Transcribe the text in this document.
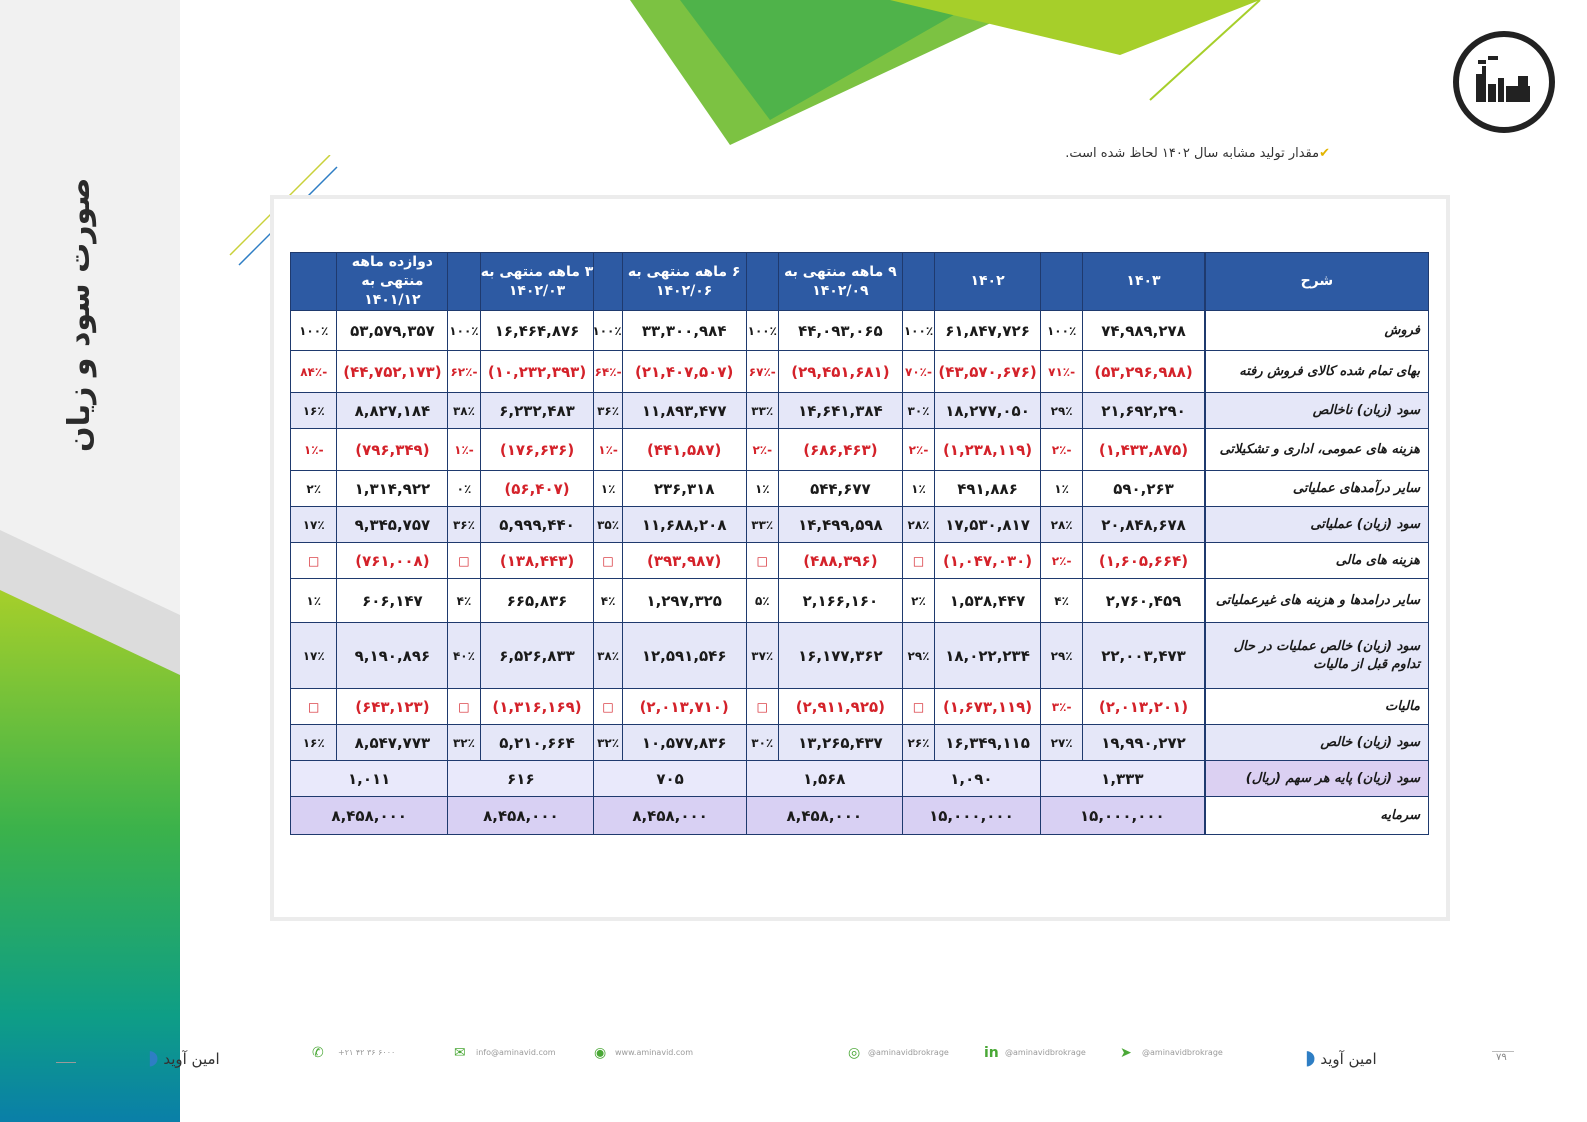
صورت سود و زیان
✔مقدار تولید مشابه سال ۱۴۰۲ لحاظ شده است.
شرح	۱۴۰۳		۱۴۰۲		۹ ماهه منتهی به ۱۴۰۲/۰۹		۶ ماهه منتهی به ۱۴۰۲/۰۶		۳ ماهه منتهی به ۱۴۰۲/۰۳		دوازده ماهه منتهی به ۱۴۰۱/۱۲	
فروش	۷۴,۹۸۹,۲۷۸	۱۰۰٪	۶۱,۸۴۷,۷۲۶	۱۰۰٪	۴۴,۰۹۳,۰۶۵	۱۰۰٪	۳۳,۳۰۰,۹۸۴	۱۰۰٪	۱۶,۴۶۴,۸۷۶	۱۰۰٪	۵۳,۵۷۹,۳۵۷	۱۰۰٪
بهای تمام شده کالای فروش رفته	(۵۳,۲۹۶,۹۸۸)	-۷۱٪	(۴۳,۵۷۰,۶۷۶)	-۷۰٪	(۲۹,۴۵۱,۶۸۱)	-۶۷٪	(۲۱,۴۰۷,۵۰۷)	-۶۴٪	(۱۰,۲۳۲,۳۹۳)	-۶۲٪	(۴۴,۷۵۲,۱۷۳)	-۸۴٪
سود (زیان) ناخالص	۲۱,۶۹۲,۲۹۰	۲۹٪	۱۸,۲۷۷,۰۵۰	۳۰٪	۱۴,۶۴۱,۳۸۴	۳۳٪	۱۱,۸۹۳,۴۷۷	۳۶٪	۶,۲۳۲,۴۸۳	۳۸٪	۸,۸۲۷,۱۸۴	۱۶٪
هزینه های عمومی، اداری و تشکیلاتی	(۱,۴۳۳,۸۷۵)	-۲٪	(۱,۲۳۸,۱۱۹)	-۲٪	(۶۸۶,۴۶۳)	-۲٪	(۴۴۱,۵۸۷)	-۱٪	(۱۷۶,۶۳۶)	-۱٪	(۷۹۶,۳۴۹)	-۱٪
سایر درآمدهای عملیاتی	۵۹۰,۲۶۳	۱٪	۴۹۱,۸۸۶	۱٪	۵۴۴,۶۷۷	۱٪	۲۳۶,۳۱۸	۱٪	(۵۶,۴۰۷)	۰٪	۱,۳۱۴,۹۲۲	۲٪
سود (زیان) عملیاتی	۲۰,۸۴۸,۶۷۸	۲۸٪	۱۷,۵۳۰,۸۱۷	۲۸٪	۱۴,۴۹۹,۵۹۸	۳۳٪	۱۱,۶۸۸,۲۰۸	۳۵٪	۵,۹۹۹,۴۴۰	۳۶٪	۹,۳۴۵,۷۵۷	۱۷٪
هزینه های مالی	(۱,۶۰۵,۶۶۴)	-۲٪	(۱,۰۴۷,۰۳۰)	□	(۴۸۸,۳۹۶)	□	(۳۹۳,۹۸۷)	□	(۱۳۸,۴۴۳)	□	(۷۶۱,۰۰۸)	□
سایر درامدها و هزینه های غیرعملیاتی	۲,۷۶۰,۴۵۹	۴٪	۱,۵۳۸,۴۴۷	۲٪	۲,۱۶۶,۱۶۰	۵٪	۱,۲۹۷,۳۲۵	۴٪	۶۶۵,۸۳۶	۴٪	۶۰۶,۱۴۷	۱٪
سود (زیان) خالص عملیات در حال تداوم قبل از مالیات	۲۲,۰۰۳,۴۷۳	۲۹٪	۱۸,۰۲۲,۲۳۴	۲۹٪	۱۶,۱۷۷,۳۶۲	۳۷٪	۱۲,۵۹۱,۵۴۶	۳۸٪	۶,۵۲۶,۸۳۳	۴۰٪	۹,۱۹۰,۸۹۶	۱۷٪
مالیات	(۲,۰۱۳,۲۰۱)	-۳٪	(۱,۶۷۳,۱۱۹)	□	(۲,۹۱۱,۹۲۵)	□	(۲,۰۱۳,۷۱۰)	□	(۱,۳۱۶,۱۶۹)	□	(۶۴۳,۱۲۳)	□
سود (زیان) خالص	۱۹,۹۹۰,۲۷۲	۲۷٪	۱۶,۳۴۹,۱۱۵	۲۶٪	۱۳,۲۶۵,۴۳۷	۳۰٪	۱۰,۵۷۷,۸۳۶	۳۲٪	۵,۲۱۰,۶۶۴	۳۲٪	۸,۵۴۷,۷۷۳	۱۶٪
سود (زیان) پایه هر سهم (ریال)	۱,۳۳۳		۱,۰۹۰		۱,۵۶۸		۷۰۵		۶۱۶		۱,۰۱۱	
سرمایه	۱۵,۰۰۰,۰۰۰		۱۵,۰۰۰,۰۰۰		۸,۴۵۸,۰۰۰		۸,۴۵۸,۰۰۰		۸,۴۵۸,۰۰۰		۸,۴۵۸,۰۰۰	
امین آوید ◗	✆ +۲۱ ۴۲ ۳۶ ۶۰۰۰	✉ info@aminavid.com	◉ www.aminavid.com	◎ @aminavidbrokrage	in @aminavidbrokrage ➤ @aminavidbrokrage	امین آوید ◗	۷۹
